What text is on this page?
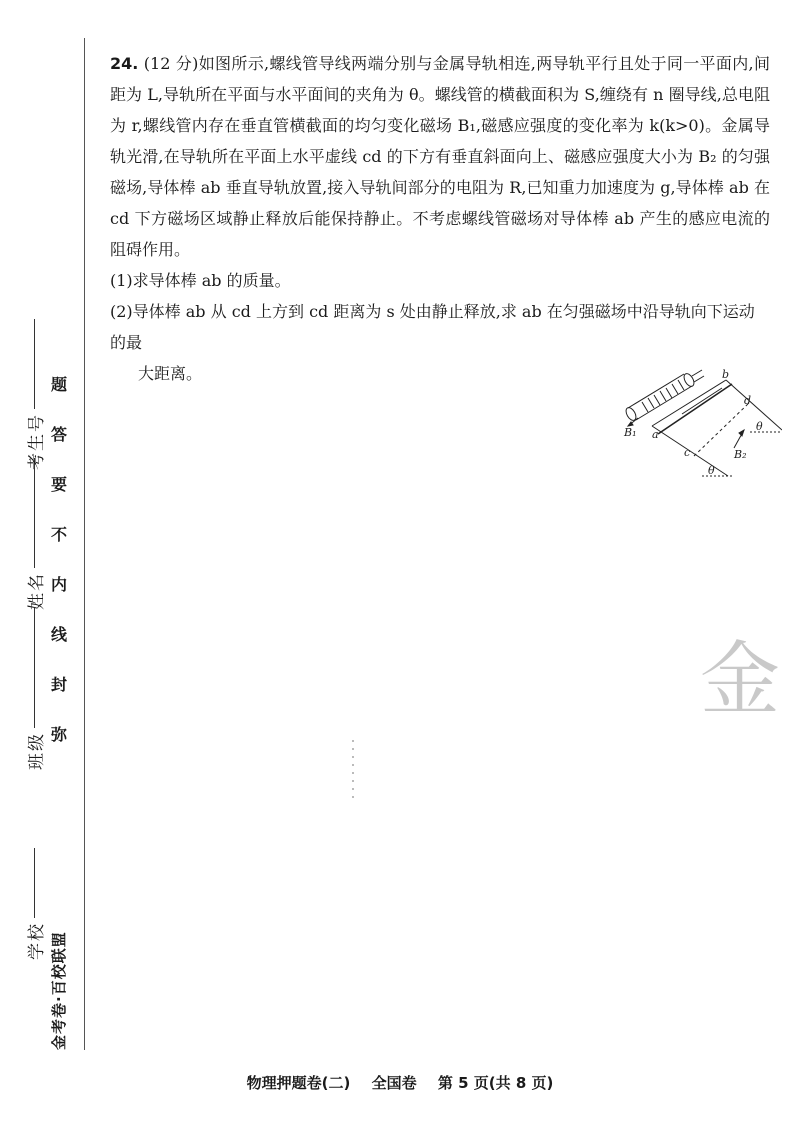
学校
班级
姓名
考生号
题
答
要
不
内
线
封
弥
金考卷·百校联盟

24. (12 分)如图所示,螺线管导线两端分别与金属导轨相连,两导轨平行且处于同一平面内,间距为 L,导轨所在平面与水平面间的夹角为 θ。螺线管的横截面积为 S,缠绕有 n 圈导线,总电阻为 r,螺线管内存在垂直管横截面的均匀变化磁场 B₁,磁感应强度的变化率为 k(k>0)。金属导轨光滑,在导轨所在平面上水平虚线 cd 的下方有垂直斜面向上、磁感应强度大小为 B₂ 的匀强磁场,导体棒 ab 垂直导轨放置,接入导轨间部分的电阻为 R,已知重力加速度为 g,导体棒 ab 在 cd 下方磁场区域静止释放后能保持静止。不考虑螺线管磁场对导体棒 ab 产生的感应电流的阻碍作用。

(1)求导体棒 ab 的质量。

(2)导体棒 ab 从 cd 上方到 cd 距离为 s 处由静止释放,求 ab 在匀强磁场中沿导轨向下运动的最

大距离。	b
a
c
d
B₁
B₂
θ
θ
金
物理押题卷(二) 全国卷 第 5 页(共 8 页)
